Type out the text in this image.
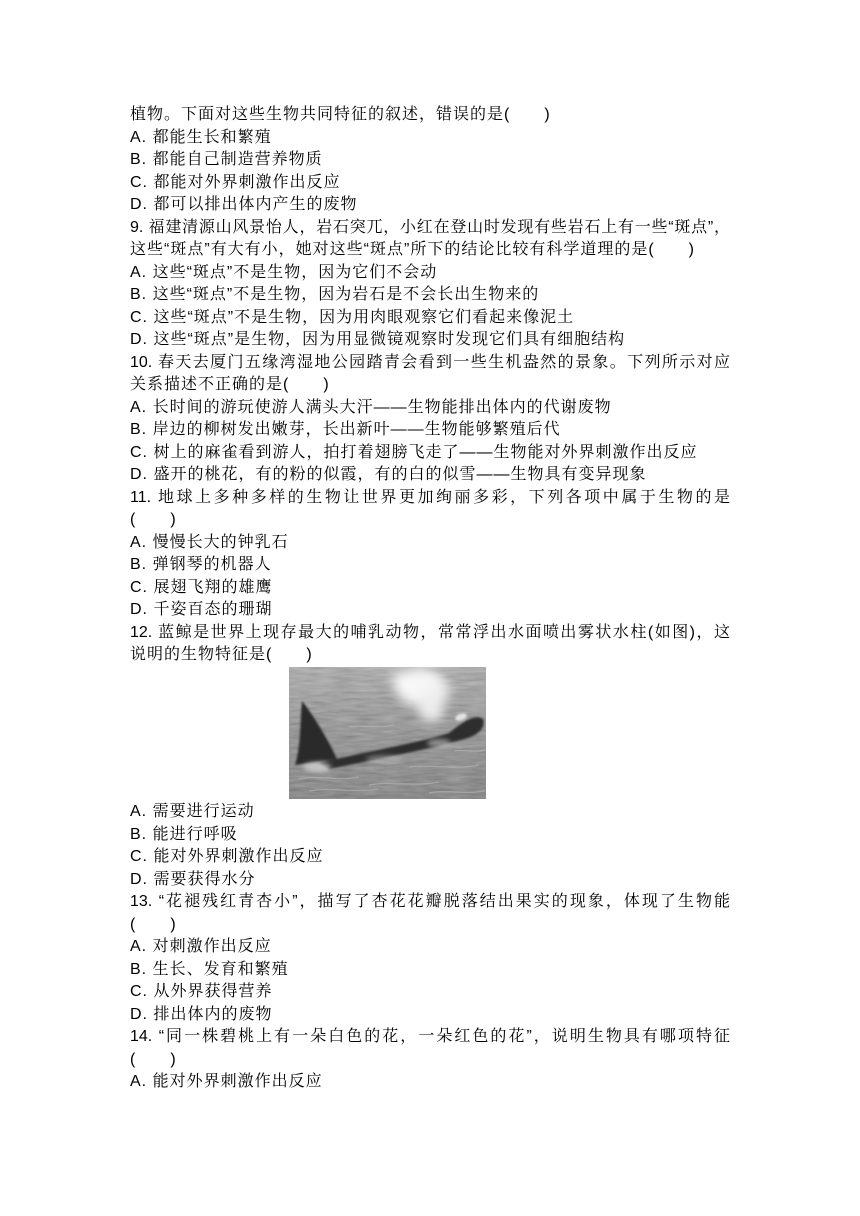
植物。下面对这些生物共同特征的叙述，错误的是(　　)
A. 都能生长和繁殖
B. 都能自己制造营养物质
C. 都能对外界刺激作出反应
D. 都可以排出体内产生的废物
9. 福建清源山风景怡人，岩石突兀，小红在登山时发现有些岩石上有一些“斑点”，
这些“斑点”有大有小，她对这些“斑点”所下的结论比较有科学道理的是(　　)
A. 这些“斑点”不是生物，因为它们不会动
B. 这些“斑点”不是生物，因为岩石是不会长出生物来的
C. 这些“斑点”不是生物，因为用肉眼观察它们看起来像泥土
D. 这些“斑点”是生物，因为用显微镜观察时发现它们具有细胞结构
10. 春天去厦门五缘湾湿地公园踏青会看到一些生机盎然的景象。下列所示对应
关系描述不正确的是(　　)
A. 长时间的游玩使游人满头大汗——生物能排出体内的代谢废物
B. 岸边的柳树发出嫩芽，长出新叶——生物能够繁殖后代
C. 树上的麻雀看到游人，拍打着翅膀飞走了——生物能对外界刺激作出反应
D. 盛开的桃花，有的粉的似霞，有的白的似雪——生物具有变异现象
11. 地球上多种多样的生物让世界更加绚丽多彩，下列各项中属于生物的是
(　　)
A. 慢慢长大的钟乳石
B. 弹钢琴的机器人
C. 展翅飞翔的雄鹰
D. 千姿百态的珊瑚
12. 蓝鲸是世界上现存最大的哺乳动物，常常浮出水面喷出雾状水柱(如图)，这
说明的生物特征是(　　)
A. 需要进行运动
B. 能进行呼吸
C. 能对外界刺激作出反应
D. 需要获得水分
13. “花褪残红青杏小”，描写了杏花花瓣脱落结出果实的现象，体现了生物能
(　　)
A. 对刺激作出反应
B. 生长、发育和繁殖
C. 从外界获得营养
D. 排出体内的废物
14. “同一株碧桃上有一朵白色的花，一朵红色的花”，说明生物具有哪项特征
(　　)
A. 能对外界刺激作出反应
